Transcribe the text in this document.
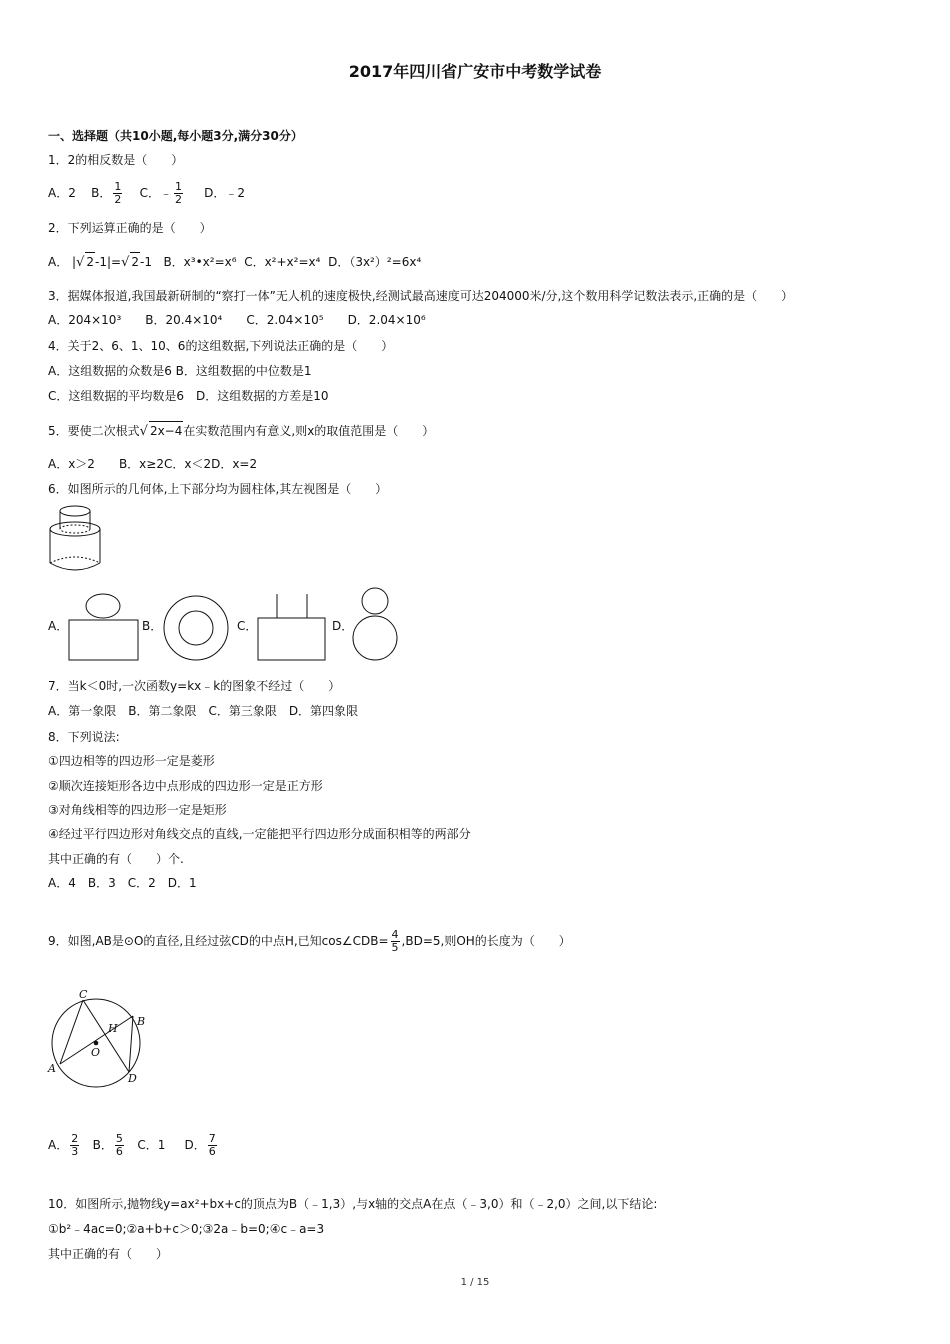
2017年四川省广安市中考数学试卷
一、选择题（共10小题,每小题3分,满分30分）
1．2的相反数是（　　）
A．2 B． $\frac{1}{2}$ C．﹣ $\frac{1}{2}$ D．﹣2
2．下列运算正确的是（　　）
A． |√ 2-1|=√ 2-1 B．x³•x²=x⁶ C．x²+x²=x⁴ D．（3x²）²=6x⁴
3．据媒体报道,我国最新研制的“察打一体”无人机的速度极快,经测试最高速度可达204000米/分,这个数用科学记数法表示,正确的是（　　）
A．204×10³　　B．20.4×10⁴　　C．2.04×10⁵　　D．2.04×10⁶
4．关于2、6、1、10、6的这组数据,下列说法正确的是（　　）
A．这组数据的众数是6 B．这组数据的中位数是1
C．这组数据的平均数是6　D．这组数据的方差是10
5．要使二次根式√ 2x−4在实数范围内有意义,则x的取值范围是（　　）
A．x＞2　　B．x≥2C．x＜2D．x=2
6．如图所示的几何体,上下部分均为圆柱体,其左视图是（　　）
A．	B．	C．	D．
7．当k＜0时,一次函数y=kx﹣k的图象不经过（　　）
A．第一象限　B．第二象限　C．第三象限　D．第四象限
8．下列说法:
①四边相等的四边形一定是菱形
②顺次连接矩形各边中点形成的四边形一定是正方形
③对角线相等的四边形一定是矩形
④经过平行四边形对角线交点的直线,一定能把平行四边形分成面积相等的两部分
其中正确的有（　　）个.
A．4　B．3　C．2　D．1
9．如图,AB是⊙O的直径,且经过弦CD的中点H,已知cos∠CDB= $\frac{4}{5} ,BD=5$,则OH的长度为（　　）
C
H
B
O
A
D
A． $\frac{2}{3}$ B． $\frac{5}{6}$ C．1 D． $\frac{7}{6}$
10．如图所示,抛物线y=ax²+bx+c的顶点为B（﹣1,3）,与x轴的交点A在点（﹣3,0）和（﹣2,0）之间,以下结论:
①b²﹣4ac=0;②a+b+c＞0;③2a﹣b=0;④c﹣a=3
其中正确的有（　　）
1 / 15
